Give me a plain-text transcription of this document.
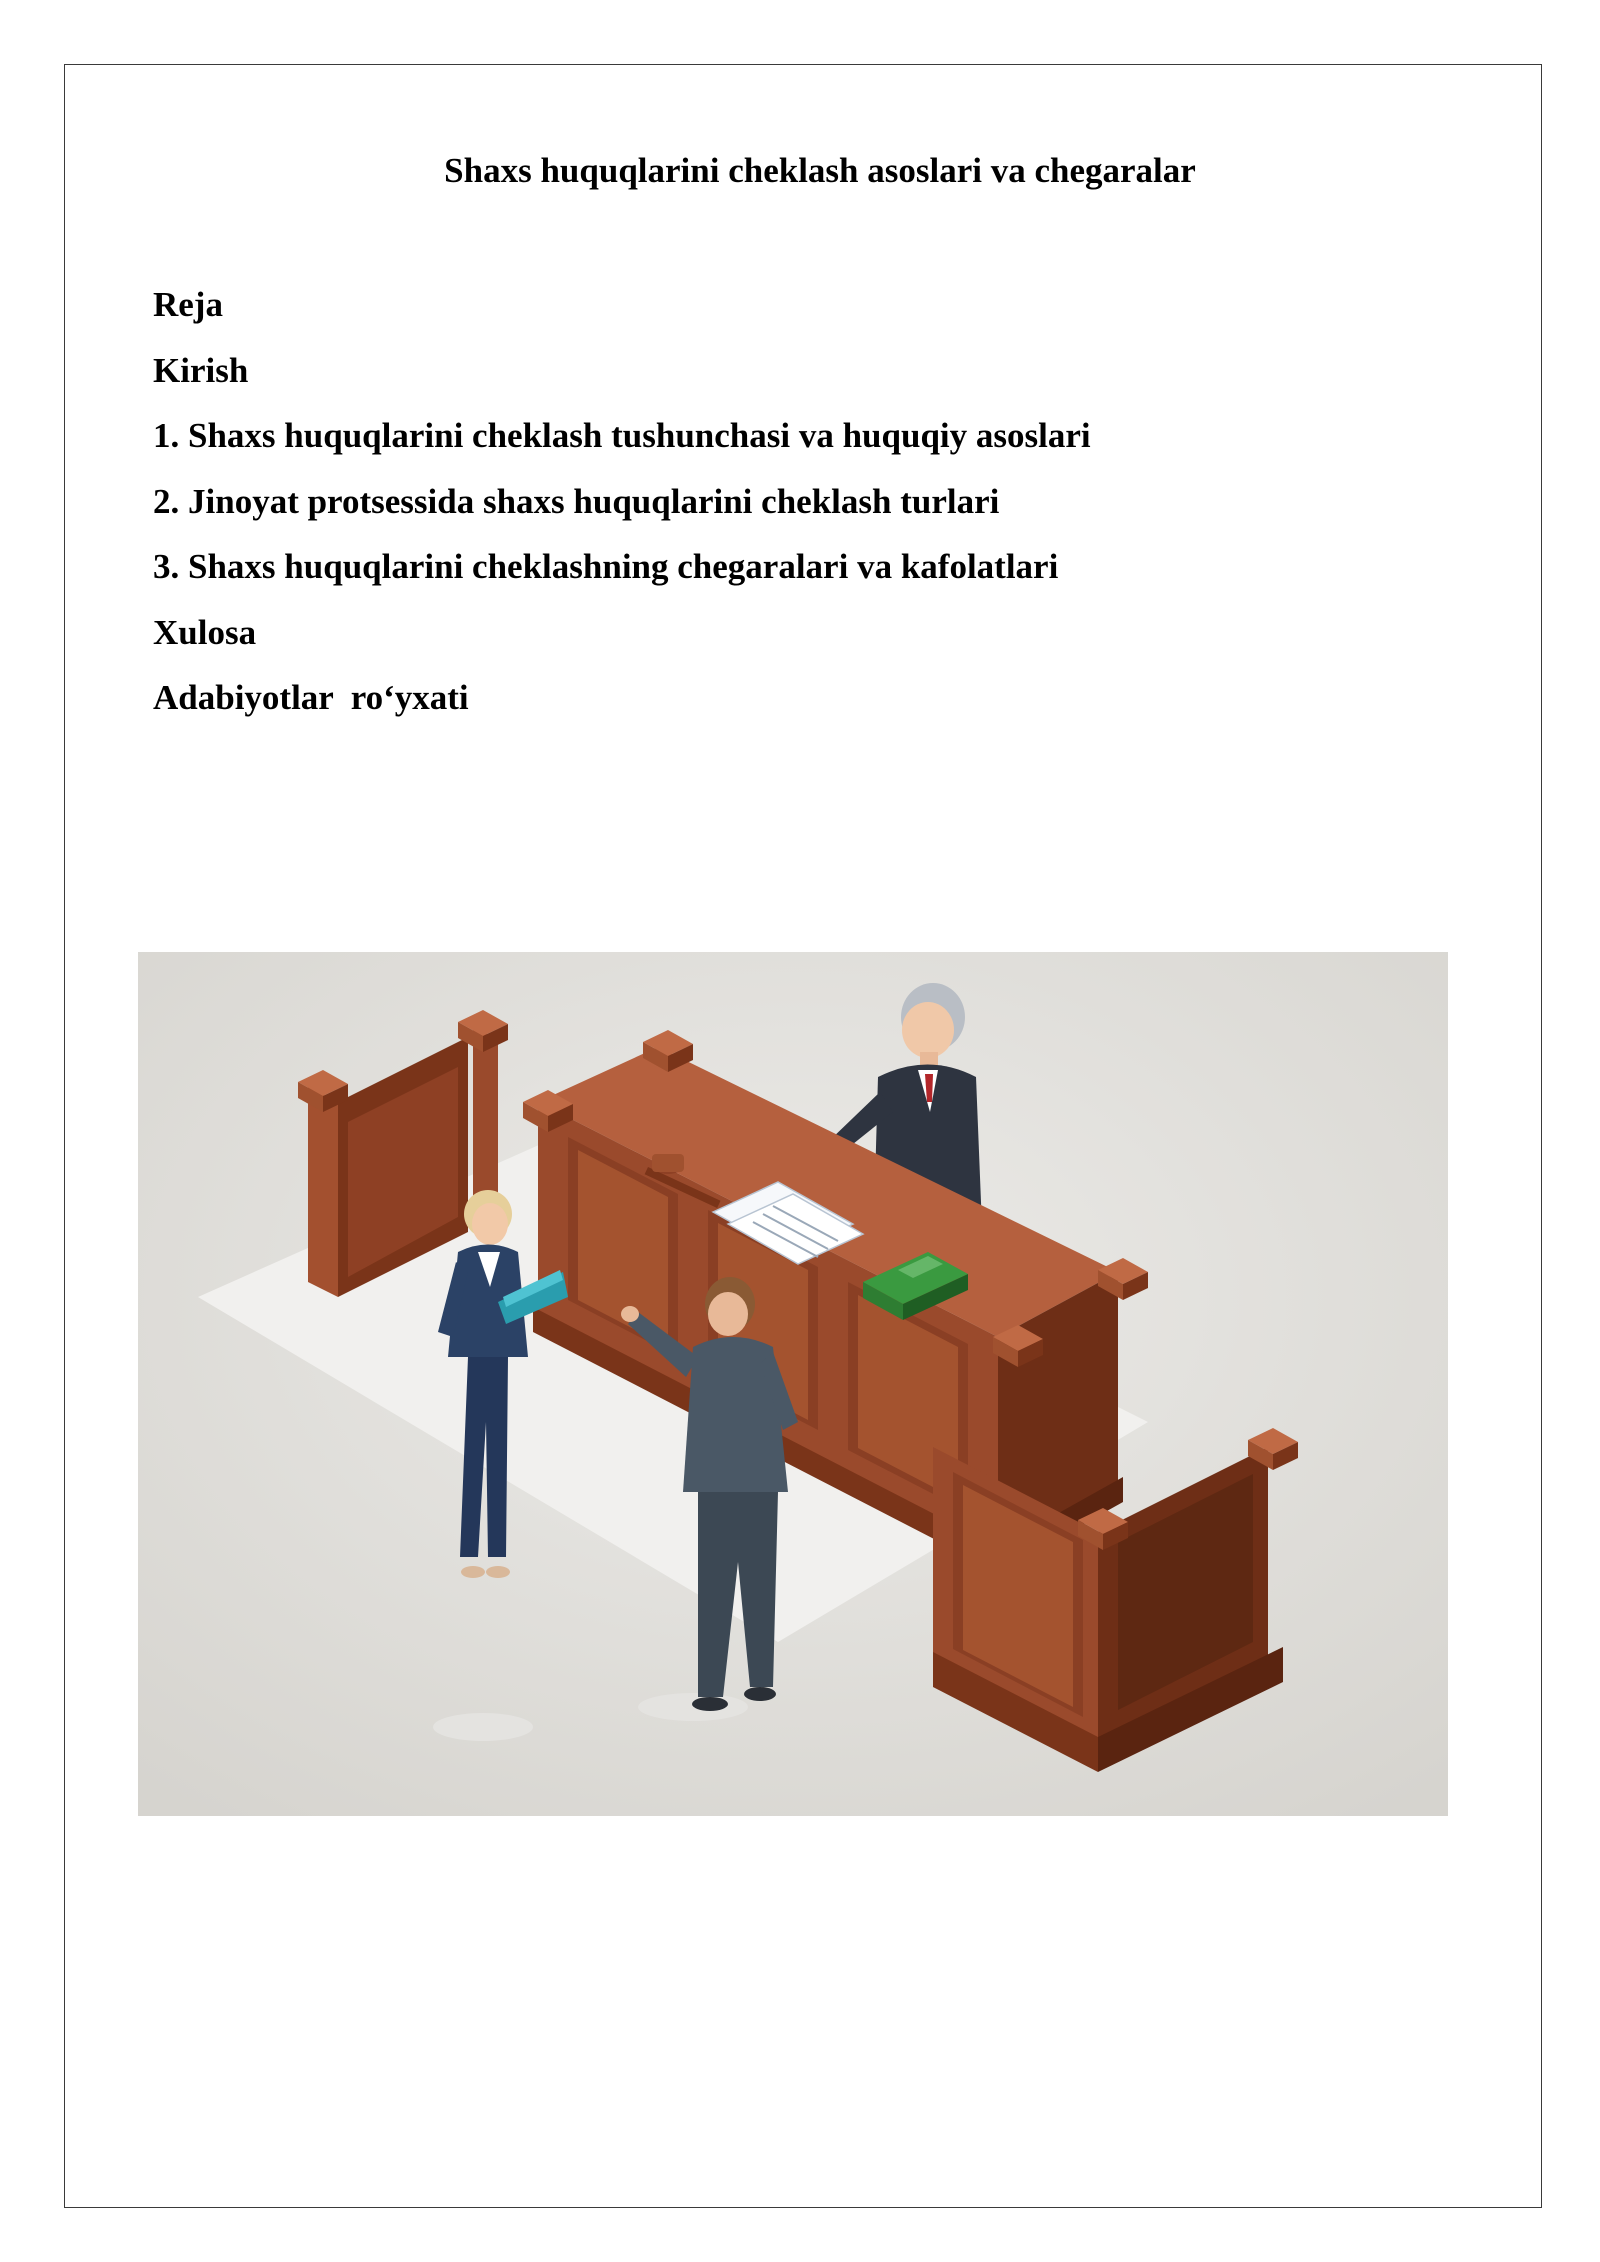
Shaxs huquqlarini cheklash asoslari va chegaralar
Reja
Kirish
1. Shaxs huquqlarini cheklash tushunchasi va huquqiy asoslari
2. Jinoyat protsessida shaxs huquqlarini cheklash turlari
3. Shaxs huquqlarini cheklashning chegaralari va kafolatlari
Xulosa
Adabiyotlar  ro‘yxati
